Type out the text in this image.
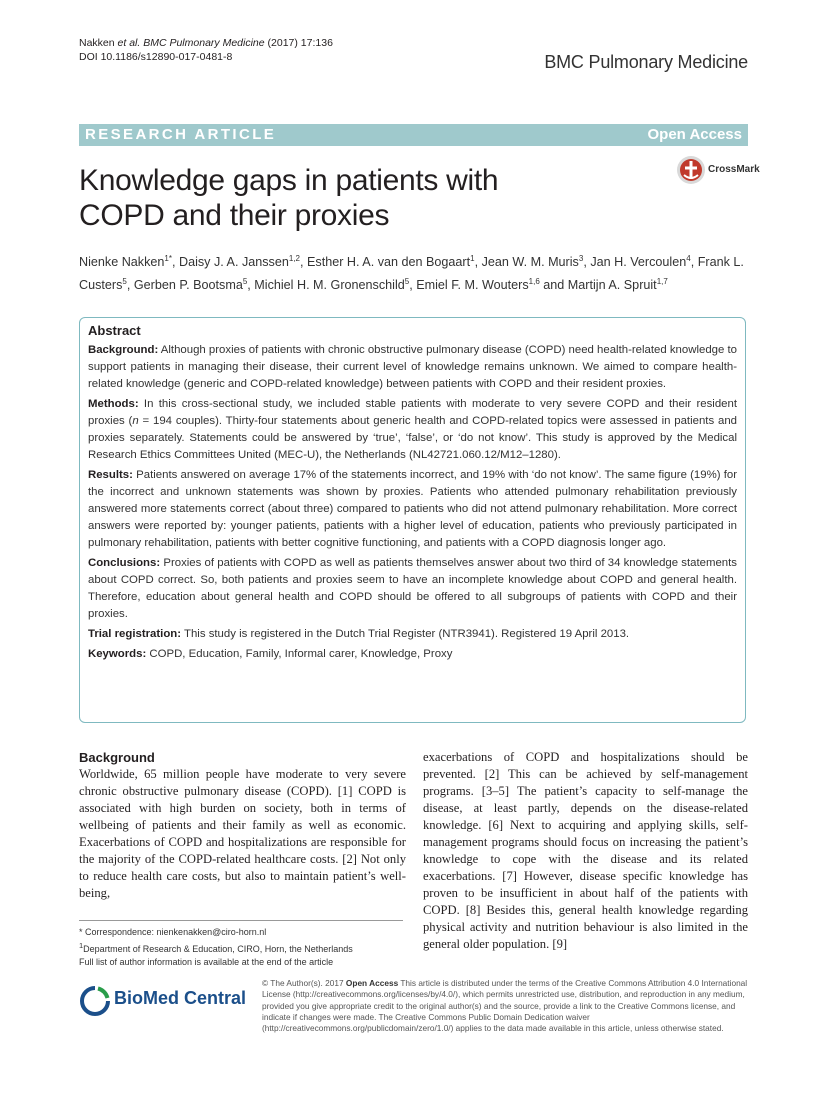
Nakken et al. BMC Pulmonary Medicine (2017) 17:136
DOI 10.1186/s12890-017-0481-8	BMC Pulmonary Medicine
RESEARCH ARTICLE	Open Access
Knowledge gaps in patients with
COPD and their proxies
CrossMark
Nienke Nakken$^{1*}$, Daisy J. A. Janssen$^{1,2}$, Esther H. A. van den Bogaart$^1$, Jean W. M. Muris$^3$, Jan H. Vercoulen$^4$, Frank L. Custers$^5$, Gerben P. Bootsma$^5$, Michiel H. M. Gronenschild$^5$, Emiel F. M. Wouters$^{1,6}$ and Martijn A. Spruit$^{1,7}$
Abstract

Background: Although proxies of patients with chronic obstructive pulmonary disease (COPD) need health-related knowledge to support patients in managing their disease, their current level of knowledge remains unknown. We aimed to compare health-related knowledge (generic and COPD-related knowledge) between patients with COPD and their resident proxies.

Methods: In this cross-sectional study, we included stable patients with moderate to very severe COPD and their resident proxies (n = 194 couples). Thirty-four statements about generic health and COPD-related topics were assessed in patients and proxies separately. Statements could be answered by ‘true’, ‘false’, or ‘do not know’. This study is approved by the Medical Research Ethics Committees United (MEC-U), the Netherlands (NL42721.060.12/M12–1280).

Results: Patients answered on average 17% of the statements incorrect, and 19% with ‘do not know’. The same figure (19%) for the incorrect and unknown statements was shown by proxies. Patients who attended pulmonary rehabilitation previously answered more statements correct (about three) compared to patients who did not attend pulmonary rehabilitation. More correct answers were reported by: younger patients, patients with a higher level of education, patients who previously participated in pulmonary rehabilitation, patients with better cognitive functioning, and patients with a COPD diagnosis longer ago.

Conclusions: Proxies of patients with COPD as well as patients themselves answer about two third of 34 knowledge statements about COPD correct. So, both patients and proxies seem to have an incomplete knowledge about COPD and general health. Therefore, education about general health and COPD should be offered to all subgroups of patients with COPD and their proxies.

Trial registration: This study is registered in the Dutch Trial Register (NTR3941). Registered 19 April 2013.

Keywords: COPD, Education, Family, Informal carer, Knowledge, Proxy

Background
Worldwide, 65 million people have moderate to very severe chronic obstructive pulmonary disease (COPD). [1] COPD is associated with high burden on society, both in terms of wellbeing of patients and their family as well as economic. Exacerbations of COPD and hospitalizations are responsible for the majority of the COPD-related healthcare costs. [2] Not only to reduce health care costs, but also to maintain patient’s well-being,
exacerbations of COPD and hospitalizations should be prevented. [2] This can be achieved by self-management programs. [3–5] The patient’s capacity to self-manage the disease, at least partly, depends on the disease-related knowledge. [6] Next to acquiring and applying skills, self-management programs should focus on increasing the patient’s knowledge to cope with the disease and its related exacerbations. [7] However, disease specific knowledge has proven to be insufficient in about half of the patients with COPD. [8] Besides this, general health knowledge regarding physical activity and nutrition behaviour is also limited in the general older population. [9]
* Correspondence: nienkenakken@ciro-horn.nl
$^1$Department of Research & Education, CIRO, Horn, the Netherlands
Full list of author information is available at the end of the article
BioMed Central
© The Author(s). 2017 Open Access This article is distributed under the terms of the Creative Commons Attribution 4.0 International License (http://creativecommons.org/licenses/by/4.0/), which permits unrestricted use, distribution, and reproduction in any medium, provided you give appropriate credit to the original author(s) and the source, provide a link to the Creative Commons license, and indicate if changes were made. The Creative Commons Public Domain Dedication waiver (http://creativecommons.org/publicdomain/zero/1.0/) applies to the data made available in this article, unless otherwise stated.
